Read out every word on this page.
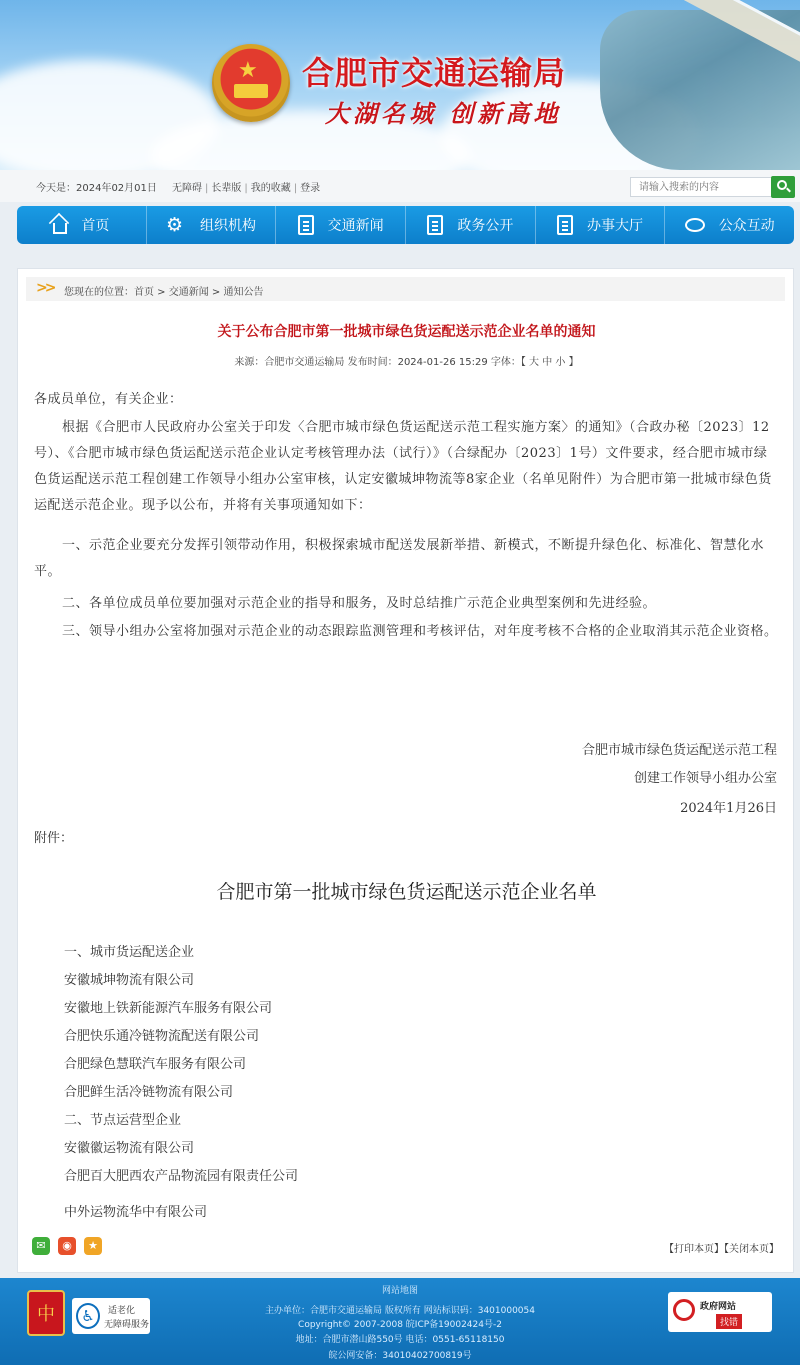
★ 合肥市交通运输局
大湖名城 创新高地
今天是：2024年02月01日 无障碍 | 长辈版 | 我的收藏 | 登录
请输入搜索的内容
首页	⚙ 组织机构	交通新闻	政务公开	办事大厅	公众互动
>> 您现在的位置：首页 > 交通新闻 > 通知公告
关于公布合肥市第一批城市绿色货运配送示范企业名单的通知
来源：合肥市交通运输局 发布时间：2024-01-26 15:29 字体：【 大 中 小 】
各成员单位，有关企业：
根据《合肥市人民政府办公室关于印发〈合肥市城市绿色货运配送示范工程实施方案〉的通知》（合政办秘〔2023〕12号）、《合肥市城市绿色货运配送示范企业认定考核管理办法（试行）》（合绿配办〔2023〕1号）文件要求，经合肥市城市绿色货运配送示范工程创建工作领导小组办公室审核，认定安徽城坤物流等8家企业（名单见附件）为合肥市第一批城市绿色货运配送示范企业。现予以公布，并将有关事项通知如下：
一、示范企业要充分发挥引领带动作用，积极探索城市配送发展新举措、新模式，不断提升绿色化、标准化、智慧化水平。
二、各单位成员单位要加强对示范企业的指导和服务，及时总结推广示范企业典型案例和先进经验。
三、领导小组办公室将加强对示范企业的动态跟踪监测管理和考核评估，对年度考核不合格的企业取消其示范企业资格。
合肥市城市绿色货运配送示范工程
创建工作领导小组办公室
2024年1月26日
附件：
合肥市第一批城市绿色货运配送示范企业名单
一、城市货运配送企业
安徽城坤物流有限公司
安徽地上铁新能源汽车服务有限公司
合肥快乐通冷链物流配送有限公司
合肥绿色慧联汽车服务有限公司
合肥鲜生活冷链物流有限公司
二、节点运营型企业
安徽徽运物流有限公司
合肥百大肥西农产品物流园有限责任公司
中外运物流华中有限公司
✉	◉	★	【打印本页】【关闭本页】
网站地图
主办单位：合肥市交通运输局 版权所有 网站标识码：3401000054
Copyright© 2007-2008 皖ICP备19002424号-2
地址：合肥市潜山路550号 电话：0551-65118150
皖公网安备：34010402700819号
中	♿	适老化
无障碍服务
政府网站
找错
